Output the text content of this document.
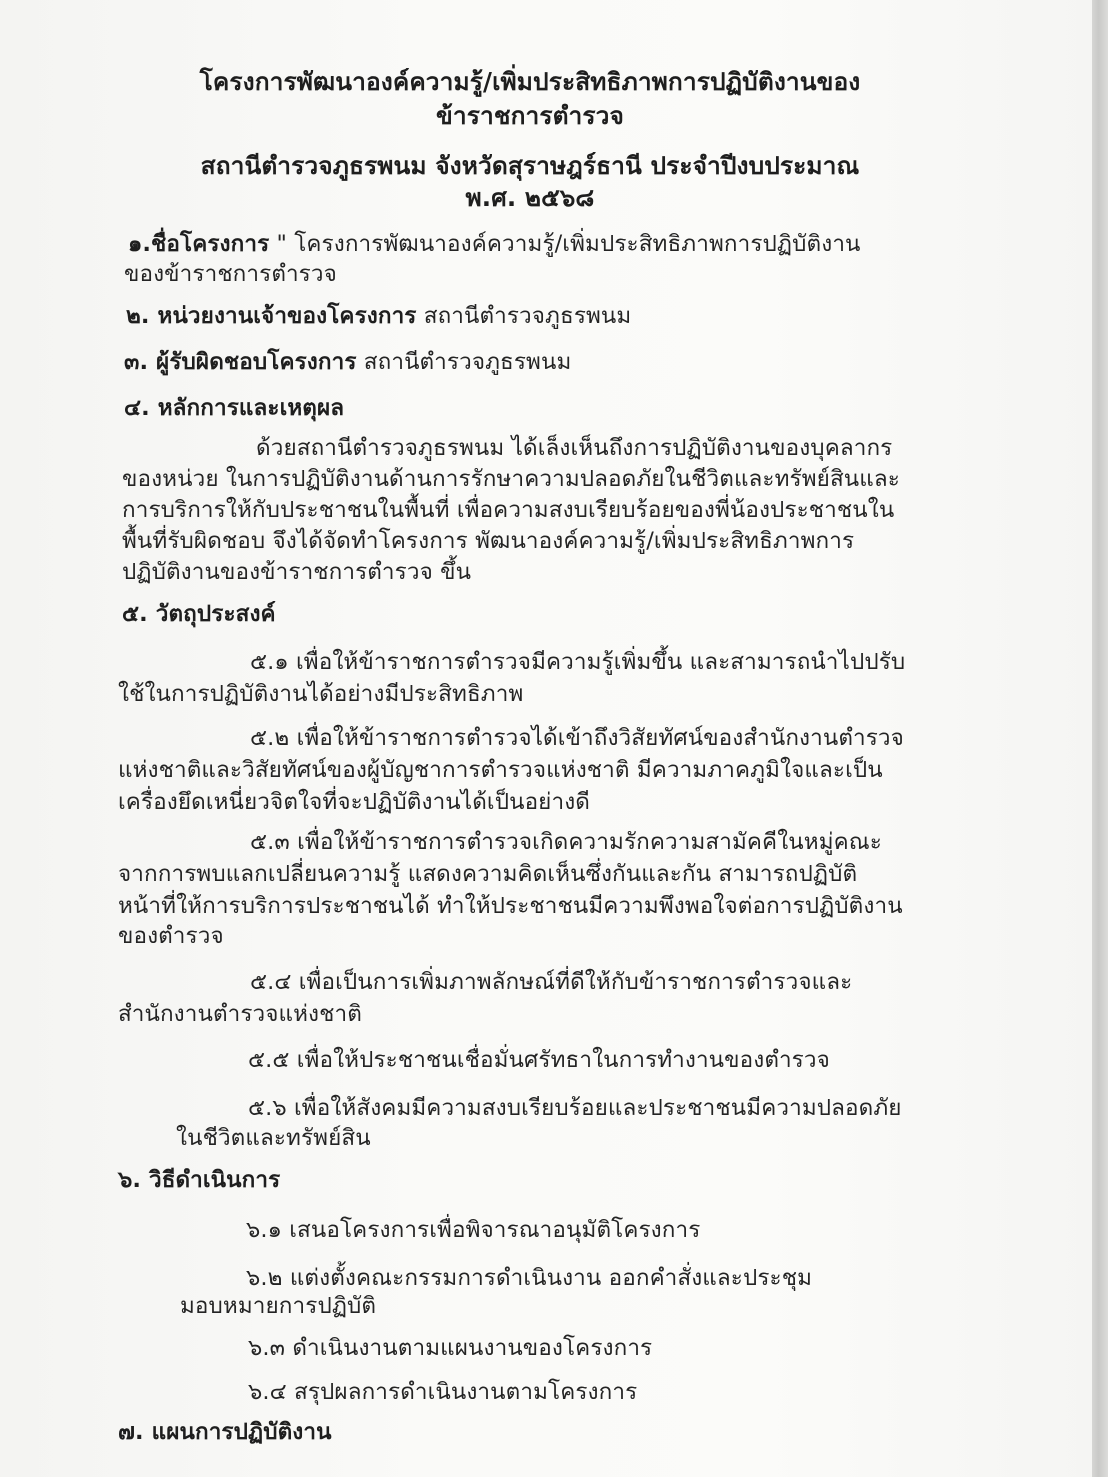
โครงการพัฒนาองค์ความรู้/เพิ่มประสิทธิภาพการปฏิบัติงานของ
ข้าราชการตำรวจ
สถานีตำรวจภูธรพนม จังหวัดสุราษฎร์ธานี ประจำปีงบประมาณ
พ.ศ. ๒๕๖๘
๑.ชื่อโครงการ " โครงการพัฒนาองค์ความรู้/เพิ่มประสิทธิภาพการปฏิบัติงาน
ของข้าราชการตำรวจ
๒. หน่วยงานเจ้าของโครงการ สถานีตำรวจภูธรพนม
๓. ผู้รับผิดชอบโครงการ สถานีตำรวจภูธรพนม
๔. หลักการและเหตุผล
ด้วยสถานีตำรวจภูธรพนม ได้เล็งเห็นถึงการปฏิบัติงานของบุคลากร
ของหน่วย ในการปฏิบัติงานด้านการรักษาความปลอดภัยในชีวิตและทรัพย์สินและ
การบริการให้กับประชาชนในพื้นที่ เพื่อความสงบเรียบร้อยของพี่น้องประชาชนใน
พื้นที่รับผิดชอบ จึงได้จัดทำโครงการ พัฒนาองค์ความรู้/เพิ่มประสิทธิภาพการ
ปฏิบัติงานของข้าราชการตำรวจ ขึ้น
๕. วัตถุประสงค์
๕.๑ เพื่อให้ข้าราชการตำรวจมีความรู้เพิ่มขึ้น และสามารถนำไปปรับ
ใช้ในการปฏิบัติงานได้อย่างมีประสิทธิภาพ
๕.๒ เพื่อให้ข้าราชการตำรวจได้เข้าถึงวิสัยทัศน์ของสำนักงานตำรวจ
แห่งชาติและวิสัยทัศน์ของผู้บัญชาการตำรวจแห่งชาติ มีความภาคภูมิใจและเป็น
เครื่องยึดเหนี่ยวจิตใจที่จะปฏิบัติงานได้เป็นอย่างดี
๕.๓ เพื่อให้ข้าราชการตำรวจเกิดความรักความสามัคคีในหมู่คณะ
จากการพบแลกเปลี่ยนความรู้ แสดงความคิดเห็นซึ่งกันและกัน สามารถปฏิบัติ
หน้าที่ให้การบริการประชาชนได้ ทำให้ประชาชนมีความพึงพอใจต่อการปฏิบัติงาน
ของตำรวจ
๕.๔ เพื่อเป็นการเพิ่มภาพลักษณ์ที่ดีให้กับข้าราชการตำรวจและ
สำนักงานตำรวจแห่งชาติ
๕.๕ เพื่อให้ประชาชนเชื่อมั่นศรัทธาในการทำงานของตำรวจ
๕.๖ เพื่อให้สังคมมีความสงบเรียบร้อยและประชาชนมีความปลอดภัย
ในชีวิตและทรัพย์สิน
๖. วิธีดำเนินการ
๖.๑ เสนอโครงการเพื่อพิจารณาอนุมัติโครงการ
๖.๒ แต่งตั้งคณะกรรมการดำเนินงาน ออกคำสั่งและประชุม
มอบหมายการปฏิบัติ
๖.๓ ดำเนินงานตามแผนงานของโครงการ
๖.๔ สรุปผลการดำเนินงานตามโครงการ
๗. แผนการปฏิบัติงาน
